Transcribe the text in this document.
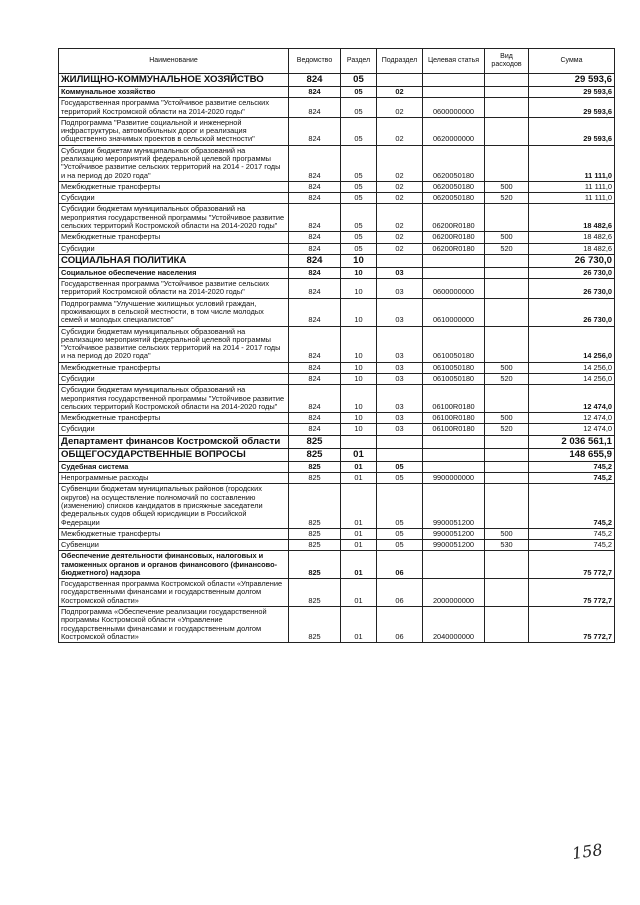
Наименование	Ведомство	Раздел	Подраздел	Целевая статья	Вид расходов	Сумма
ЖИЛИЩНО-КОММУНАЛЬНОЕ ХОЗЯЙСТВО	824	05				29 593,6
Коммунальное хозяйство	824	05	02			29 593,6
Государственная программа "Устойчивое развитие сельских территорий Костромской области на 2014-2020 годы"	824	05	02	0600000000		29 593,6
Подпрограмма "Развитие социальной и инженерной инфраструктуры, автомобильных дорог и реализация общественно значимых проектов в сельской местности"	824	05	02	0620000000		29 593,6
Субсидии бюджетам муниципальных образований на реализацию мероприятий федеральной целевой программы "Устойчивое развитие сельских территорий на 2014 - 2017 годы и на период до 2020 года"	824	05	02	0620050180		11 111,0
Межбюджетные трансферты	824	05	02	0620050180	500	11 111,0
Субсидии	824	05	02	0620050180	520	11 111,0
Субсидии бюджетам муниципальных образований на мероприятия государственной программы "Устойчивое развитие сельских территорий Костромской области на 2014-2020 годы"	824	05	02	06200R0180		18 482,6
Межбюджетные трансферты	824	05	02	06200R0180	500	18 482,6
Субсидии	824	05	02	06200R0180	520	18 482,6
СОЦИАЛЬНАЯ ПОЛИТИКА	824	10				26 730,0
Социальное обеспечение населения	824	10	03			26 730,0
Государственная программа "Устойчивое развитие сельских территорий Костромской области на 2014-2020 годы"	824	10	03	0600000000		26 730,0
Подпрограмма "Улучшение жилищных условий граждан, проживающих в сельской местности, в том числе молодых семей и молодых специалистов"	824	10	03	0610000000		26 730,0
Субсидии бюджетам муниципальных образований на реализацию мероприятий федеральной целевой программы "Устойчивое развитие сельских территорий на 2014 - 2017 годы и на период до 2020 года"	824	10	03	0610050180		14 256,0
Межбюджетные трансферты	824	10	03	0610050180	500	14 256,0
Субсидии	824	10	03	0610050180	520	14 256,0
Субсидии бюджетам муниципальных образований на мероприятия государственной программы "Устойчивое развитие сельских территорий Костромской области на 2014-2020 годы"	824	10	03	06100R0180		12 474,0
Межбюджетные трансферты	824	10	03	06100R0180	500	12 474,0
Субсидии	824	10	03	06100R0180	520	12 474,0
Департамент финансов Костромской области	825					2 036 561,1
ОБЩЕГОСУДАРСТВЕННЫЕ ВОПРОСЫ	825	01				148 655,9
Судебная система	825	01	05			745,2
Непрограммные расходы	825	01	05	9900000000		745,2
Субвенции бюджетам муниципальных районов (городских округов) на осуществление полномочий по составлению (изменению) списков кандидатов в присяжные заседатели федеральных судов общей юрисдикции в Российской Федерации	825	01	05	9900051200		745,2
Межбюджетные трансферты	825	01	05	9900051200	500	745,2
Субвенции	825	01	05	9900051200	530	745,2
Обеспечение деятельности финансовых, налоговых и таможенных органов и органов финансового (финансово-бюджетного) надзора	825	01	06			75 772,7
Государственная программа Костромской области «Управление государственными финансами и государственным долгом Костромской области»	825	01	06	2000000000		75 772,7
Подпрограмма «Обеспечение реализации государственной программы Костромской области «Управление государственными финансами и государственным долгом Костромской области»	825	01	06	2040000000		75 772,7
158
